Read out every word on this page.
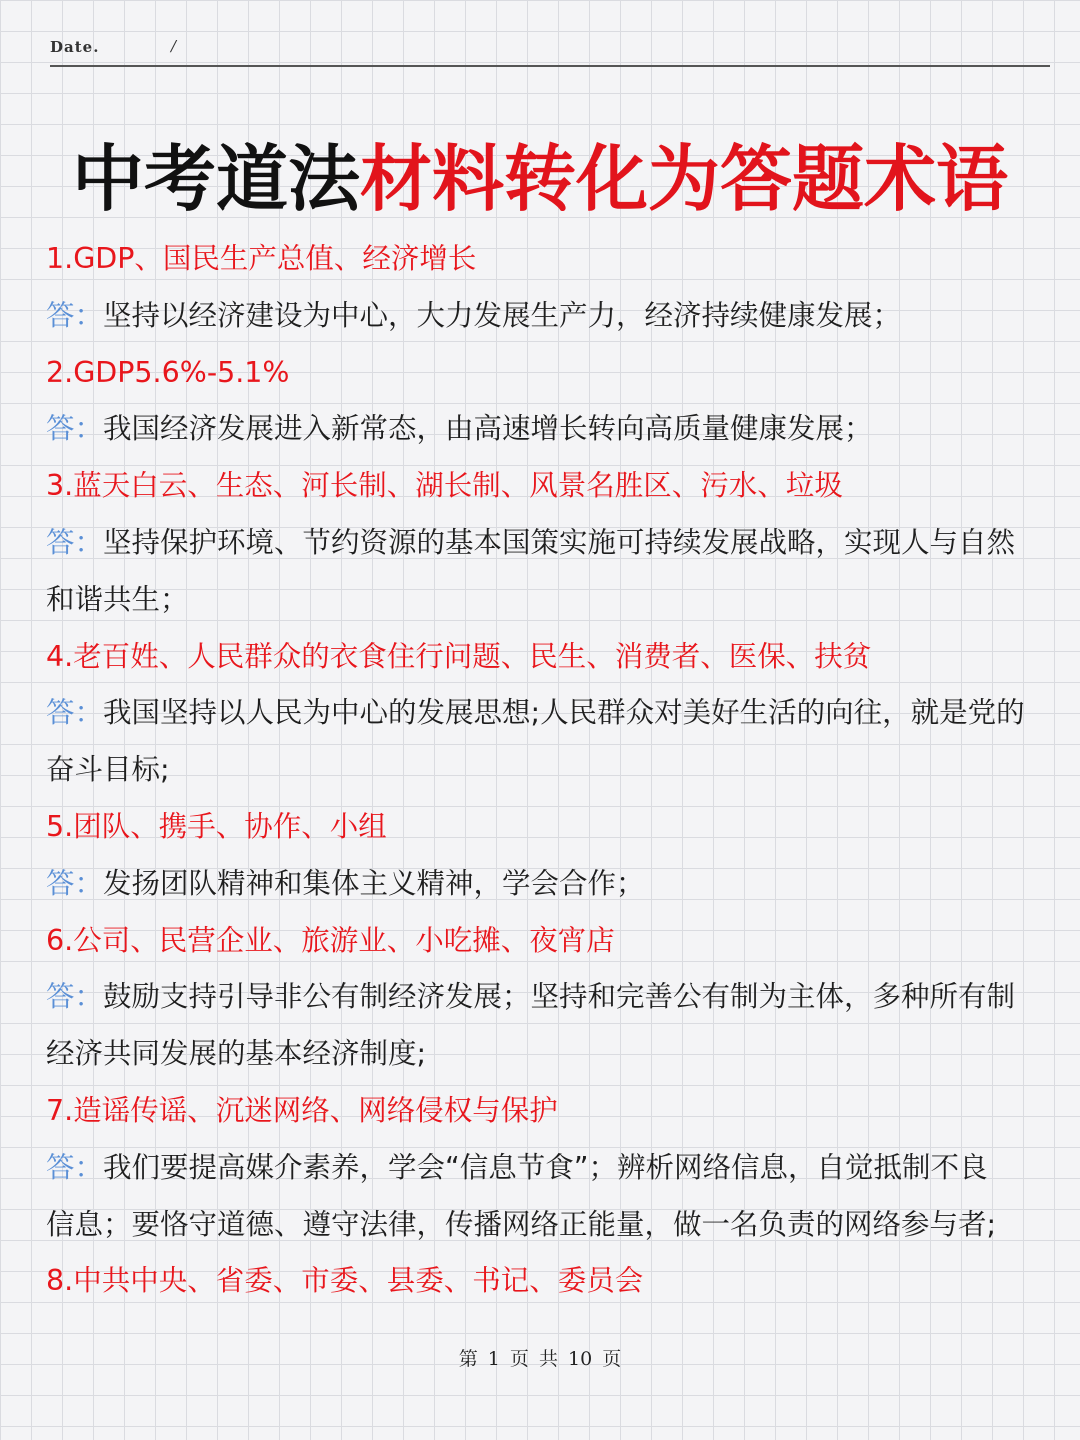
Date.	/
中考道法材料转化为答题术语

1.GDP、国民生产总值、经济增长

答：坚持以经济建设为中心，大力发展生产力，经济持续健康发展；

2.GDP5.6%-5.1%

答：我国经济发展进入新常态，由高速增长转向高质量健康发展；

3.蓝天白云、生态、河长制、湖长制、风景名胜区、污水、垃圾

答：坚持保护环境、节约资源的基本国策实施可持续发展战略，实现人与自然

和谐共生；

4.老百姓、人民群众的衣食住行问题、民生、消费者、医保、扶贫

答：我国坚持以人民为中心的发展思想;人民群众对美好生活的向往，就是党的

奋斗目标;

5.团队、携手、协作、小组

答：发扬团队精神和集体主义精神，学会合作；

6.公司、民营企业、旅游业、小吃摊、夜宵店

答：鼓励支持引导非公有制经济发展；坚持和完善公有制为主体，多种所有制

经济共同发展的基本经济制度;

7.造谣传谣、沉迷网络、网络侵权与保护

答：我们要提高媒介素养，学会“信息节食”；辨析网络信息，自觉抵制不良

信息；要恪守道德、遵守法律，传播网络正能量，做一名负责的网络参与者;

8.中共中央、省委、市委、县委、书记、委员会

第 1 页 共 10 页
